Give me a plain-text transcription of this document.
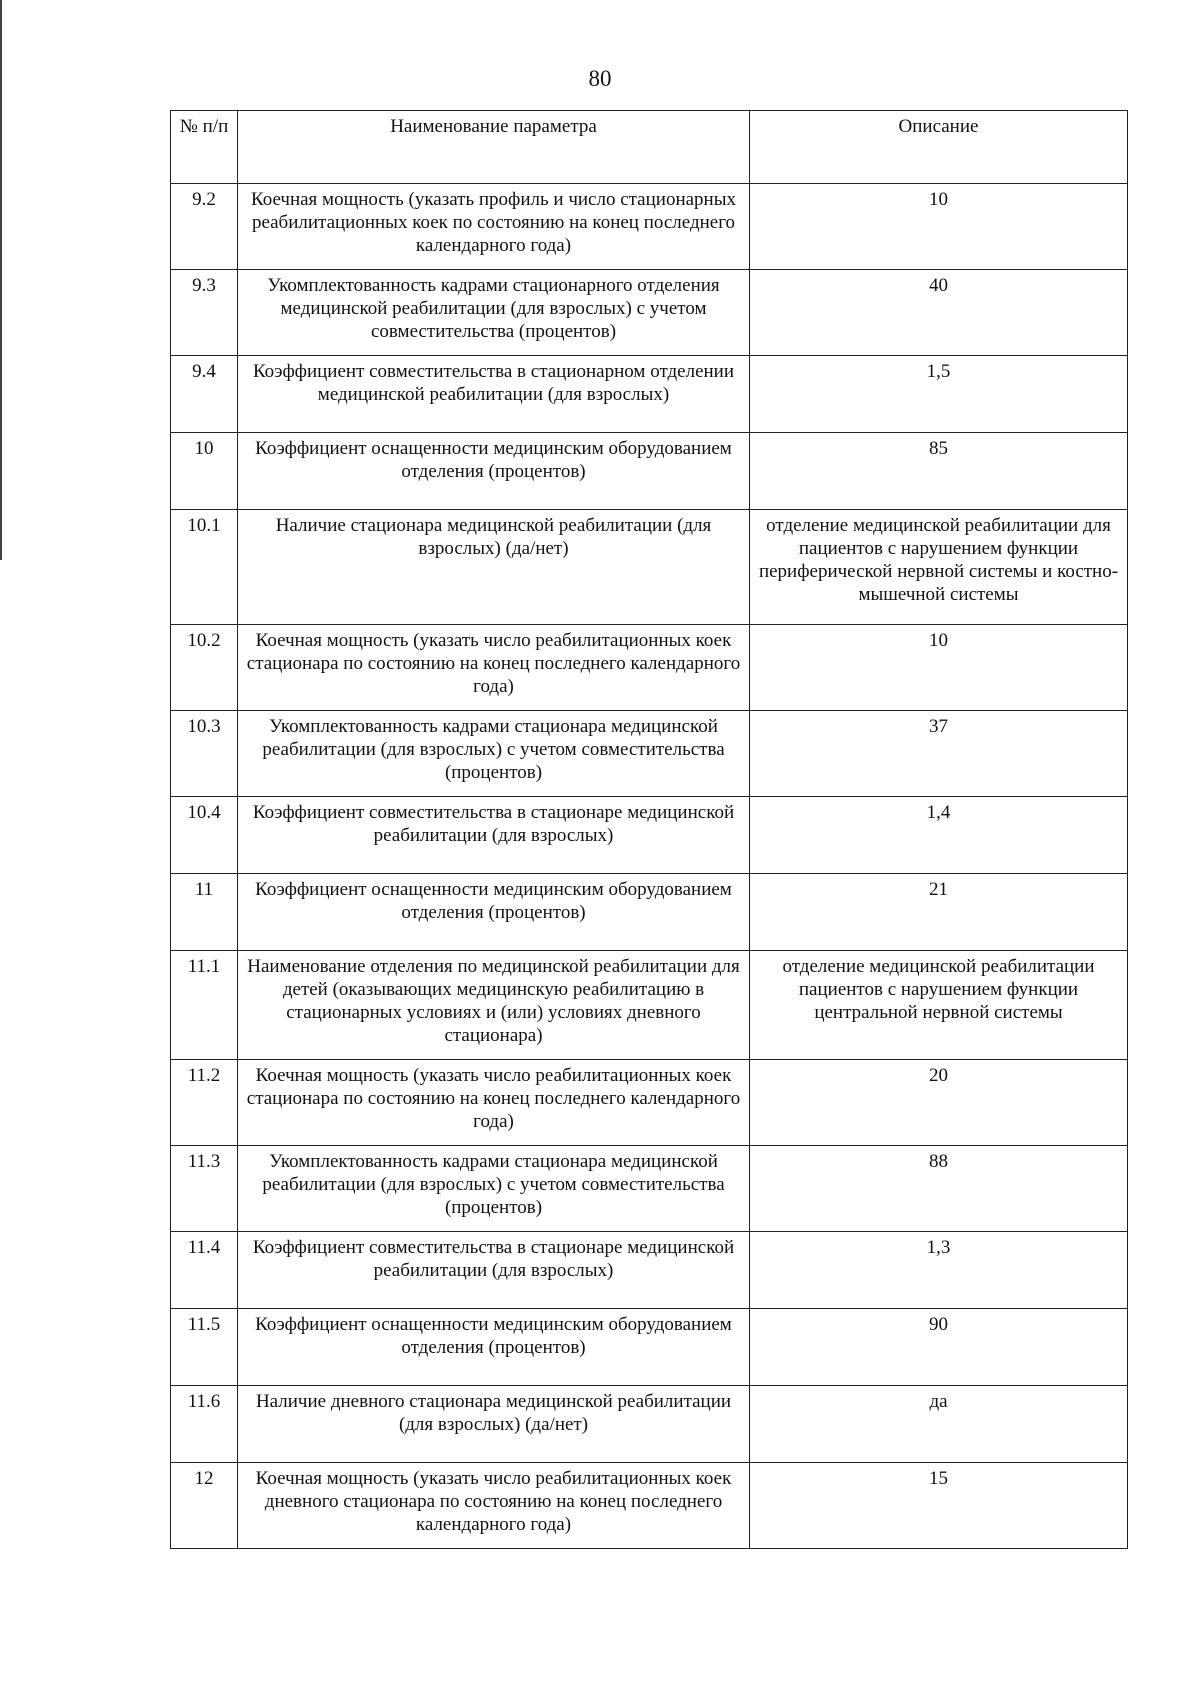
80
№ п/п	Наименование параметра	Описание
9.2	Коечная мощность (указать профиль и число стационарных реабилитационных коек по состоянию на конец последнего календарного года)	10
9.3	Укомплектованность кадрами стационарного отделения медицинской реабилитации (для взрослых) с учетом совместительства (процентов)	40
9.4	Коэффициент совместительства в стационарном отделении медицинской реабилитации (для взрослых)	1,5
10	Коэффициент оснащенности медицинским оборудованием отделения (процентов)	85
10.1	Наличие стационара медицинской реабилитации (для взрослых) (да/нет)	отделение медицинской реабилитации для пациентов с нарушением функции периферической нервной системы и костно-мышечной системы
10.2	Коечная мощность (указать число реабилитационных коек стационара по состоянию на конец последнего календарного года)	10
10.3	Укомплектованность кадрами стационара медицинской реабилитации (для взрослых) с учетом совместительства (процентов)	37
10.4	Коэффициент совместительства в стационаре медицинской реабилитации (для взрослых)	1,4
11	Коэффициент оснащенности медицинским оборудованием отделения (процентов)	21
11.1	Наименование отделения по медицинской реабилитации для детей (оказывающих медицинскую реабилитацию в стационарных условиях и (или) условиях дневного стационара)	отделение медицинской реабилитации пациентов с нарушением функции центральной нервной системы
11.2	Коечная мощность (указать число реабилитационных коек стационара по состоянию на конец последнего календарного года)	20
11.3	Укомплектованность кадрами стационара медицинской реабилитации (для взрослых) с учетом совместительства (процентов)	88
11.4	Коэффициент совместительства в стационаре медицинской реабилитации (для взрослых)	1,3
11.5	Коэффициент оснащенности медицинским оборудованием отделения (процентов)	90
11.6	Наличие дневного стационара медицинской реабилитации (для взрослых) (да/нет)	да
12	Коечная мощность (указать число реабилитационных коек дневного стационара по состоянию на конец последнего календарного года)	15
